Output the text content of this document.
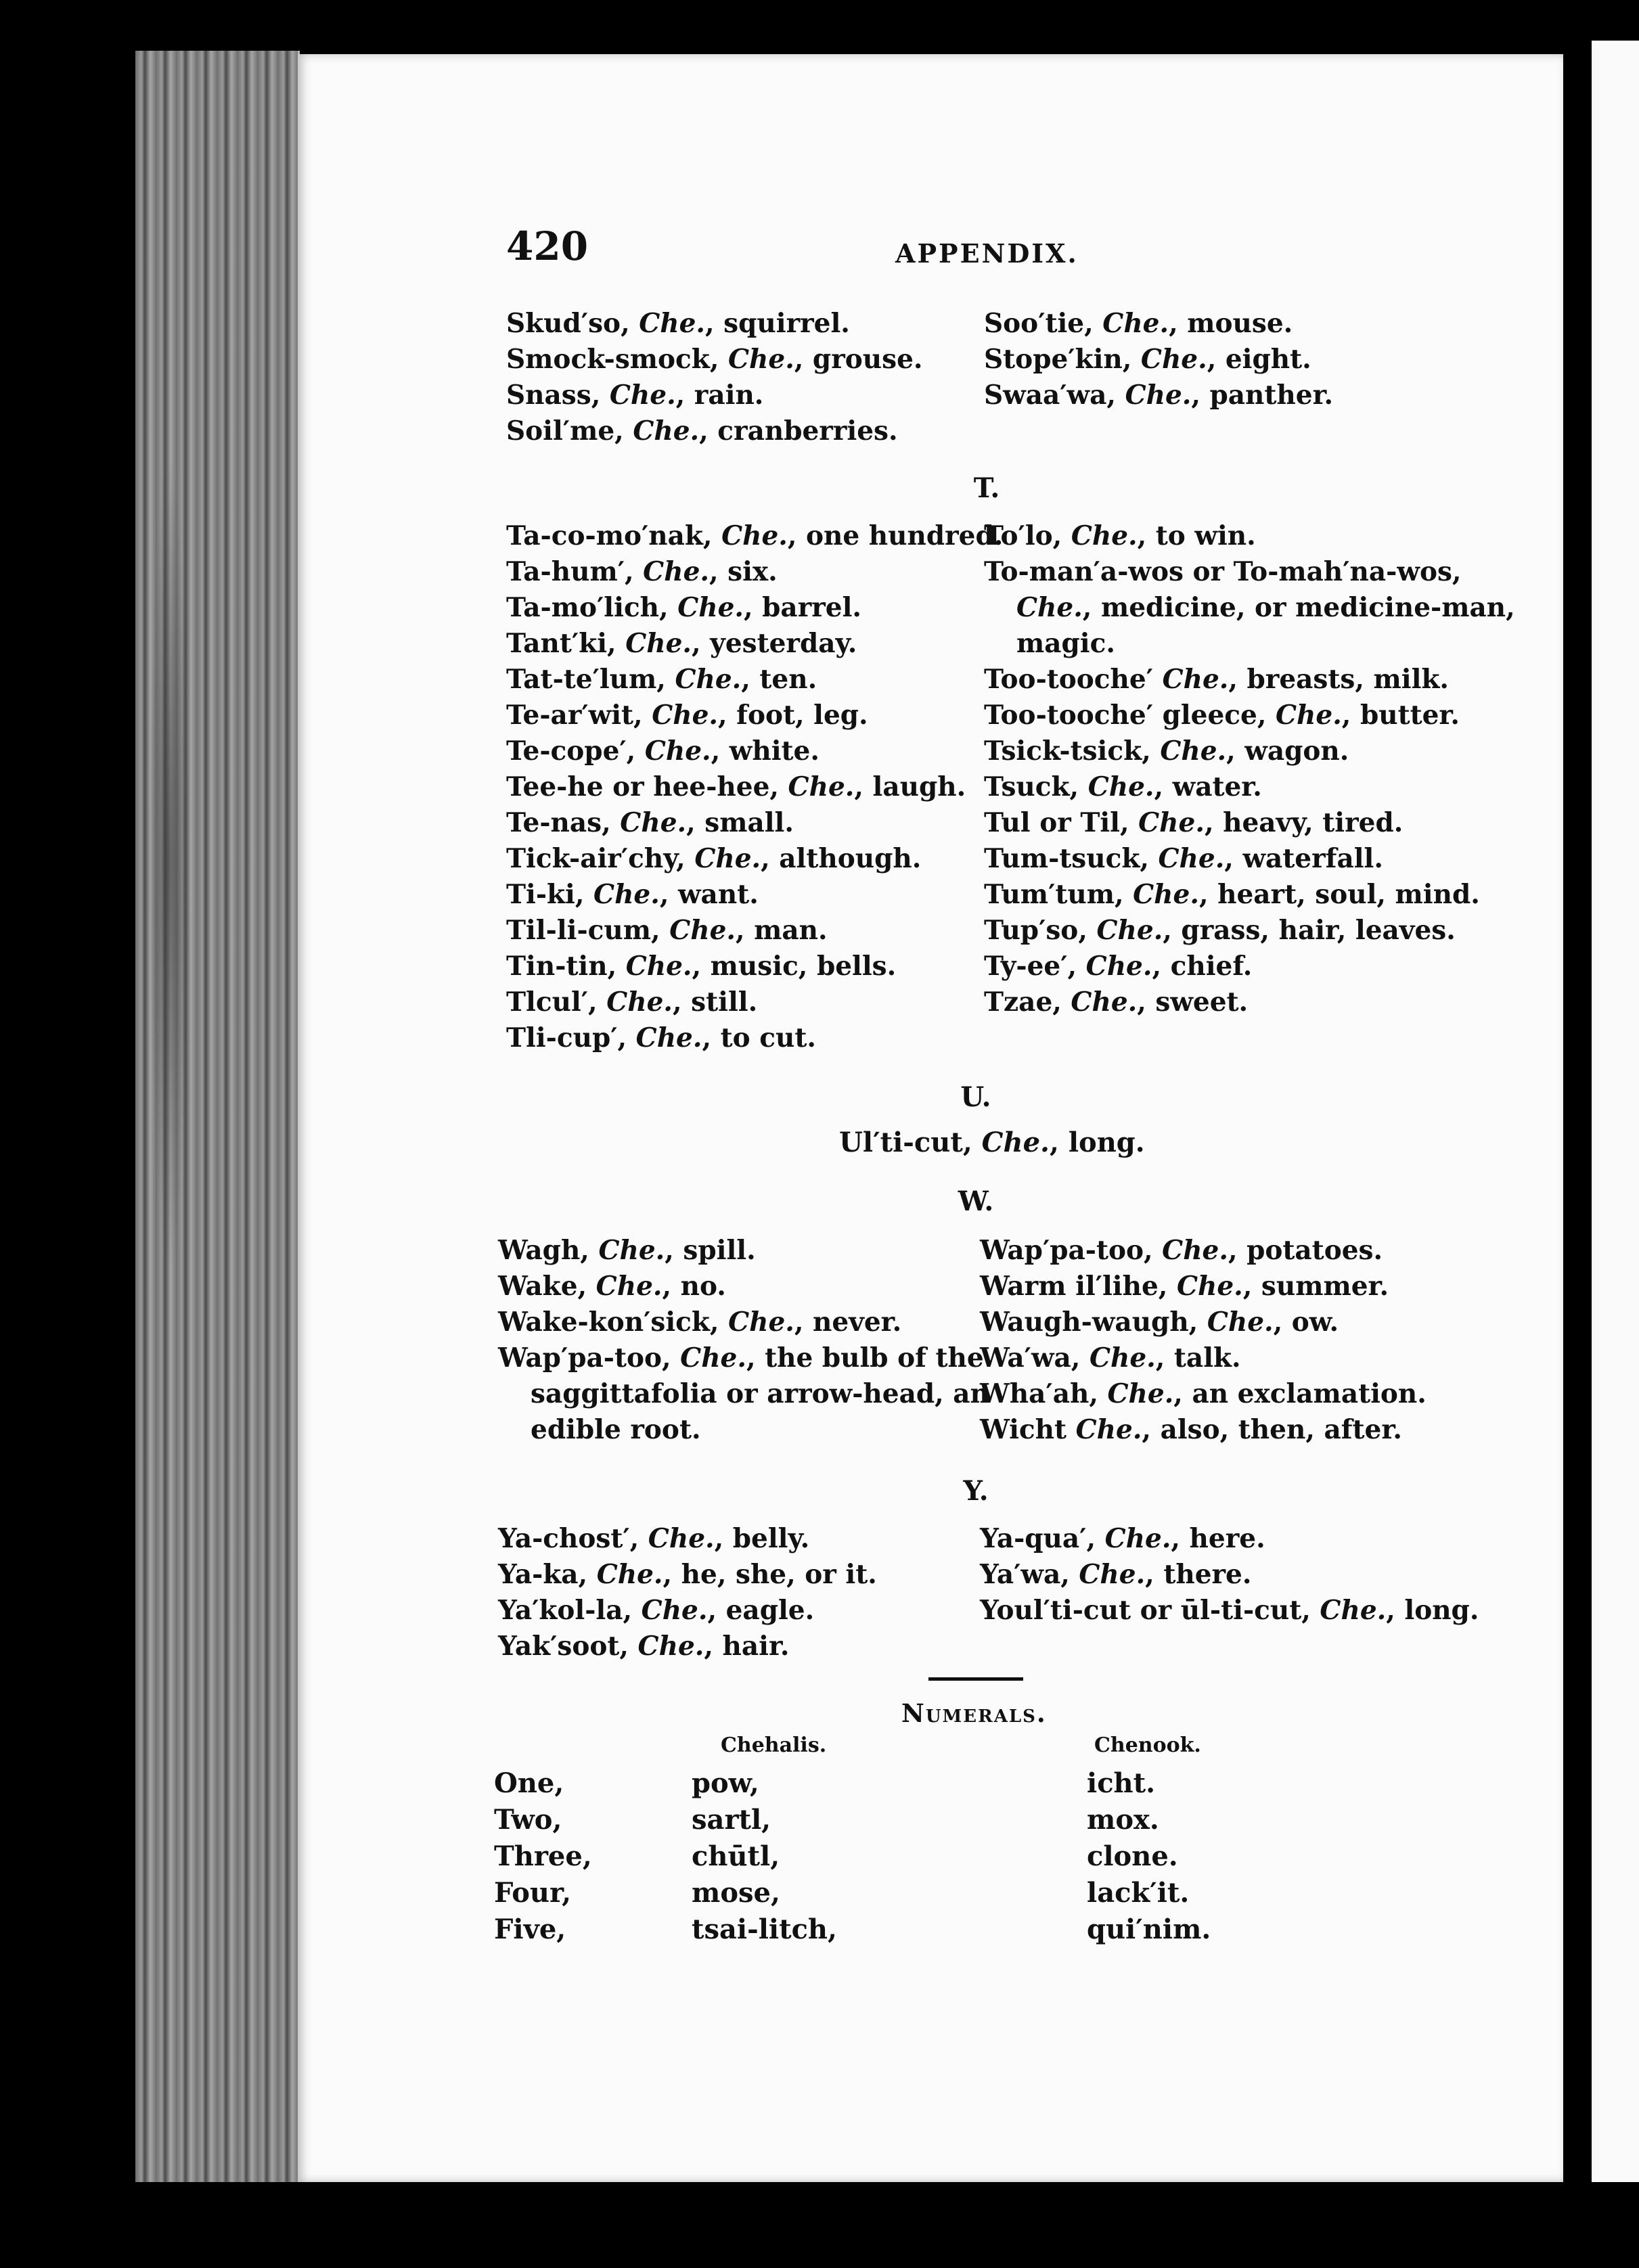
420	APPENDIX.
Skud′so, Che., squirrel.
Smock-smock, Che., grouse.
Snass, Che., rain.
Soil′me, Che., cranberries.
Soo′tie, Che., mouse.
Stope′kin, Che., eight.
Swaa′wa, Che., panther.
T.
Ta-co-mo′nak, Che., one hundred.
Ta-hum′, Che., six.
Ta-mo′lich, Che., barrel.
Tant′ki, Che., yesterday.
Tat-te′lum, Che., ten.
Te-ar′wit, Che., foot, leg.
Te-cope′, Che., white.
Tee-he or hee-hee, Che., laugh.
Te-nas, Che., small.
Tick-air′chy, Che., although.
Ti-ki, Che., want.
Til-li-cum, Che., man.
Tin-tin, Che., music, bells.
Tlcul′, Che., still.
Tli-cup′, Che., to cut.
To′lo, Che., to win.
To-man′a-wos or To-mah′na-wos,
Che., medicine, or medicine-man,
magic.
Too-tooche′ Che., breasts, milk.
Too-tooche′ gleece, Che., butter.
Tsick-tsick, Che., wagon.
Tsuck, Che., water.
Tul or Til, Che., heavy, tired.
Tum-tsuck, Che., waterfall.
Tum′tum, Che., heart, soul, mind.
Tup′so, Che., grass, hair, leaves.
Ty-ee′, Che., chief.
Tzae, Che., sweet.
U.
Ul′ti-cut, Che., long.
W.
Wagh, Che., spill.
Wake, Che., no.
Wake-kon′sick, Che., never.
Wap′pa-too, Che., the bulb of the
saggittafolia or arrow-head, an
edible root.
Wap′pa-too, Che., potatoes.
Warm il′lihe, Che., summer.
Waugh-waugh, Che., ow.
Wa′wa, Che., talk.
Wha′ah, Che., an exclamation.
Wicht Che., also, then, after.
Y.
Ya-chost′, Che., belly.
Ya-ka, Che., he, she, or it.
Ya′kol-la, Che., eagle.
Yak′soot, Che., hair.
Ya-qua′, Che., here.
Ya′wa, Che., there.
Youl′ti-cut or ūl-ti-cut, Che., long.
Numerals.
Chehalis.	Chenook.
One,	pow,	icht.
Two,	sartl,	mox.
Three,	chūtl,	clone.
Four,	mose,	lack′it.
Five,	tsai-litch,	qui′nim.
